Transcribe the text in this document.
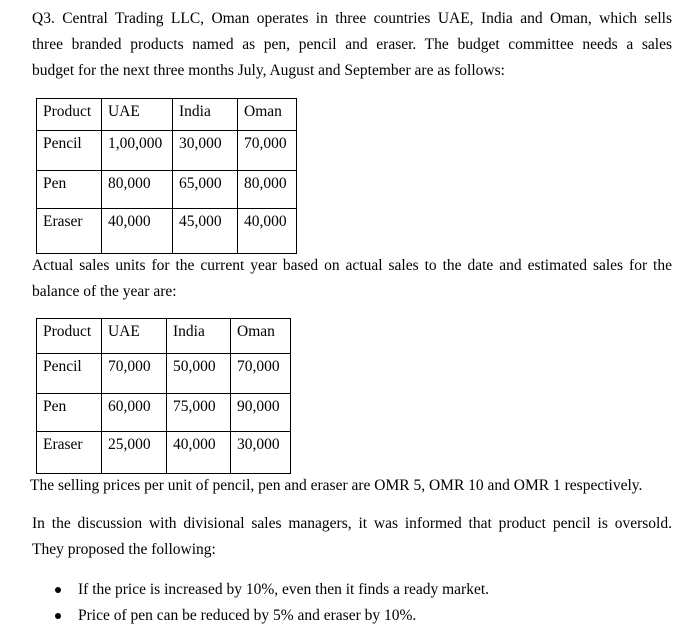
Q3. Central Trading LLC, Oman operates in three countries UAE, India and Oman, which sells
three branded products named as pen, pencil and eraser. The budget committee needs a sales
budget for the next three months July, August and September are as follows:
Product	UAE	India	Oman
Pencil	1,00,000	30,000	70,000
Pen	80,000	65,000	80,000
Eraser	40,000	45,000	40,000
Actual sales units for the current year based on actual sales to the date and estimated sales for the
balance of the year are:
Product	UAE	India	Oman
Pencil	70,000	50,000	70,000
Pen	60,000	75,000	90,000
Eraser	25,000	40,000	30,000
The selling prices per unit of pencil, pen and eraser are OMR 5, OMR 10 and OMR 1 respectively.
In the discussion with divisional sales managers, it was informed that product pencil is oversold.
They proposed the following:
If the price is increased by 10%, even then it finds a ready market.
Price of pen can be reduced by 5% and eraser by 10%.
